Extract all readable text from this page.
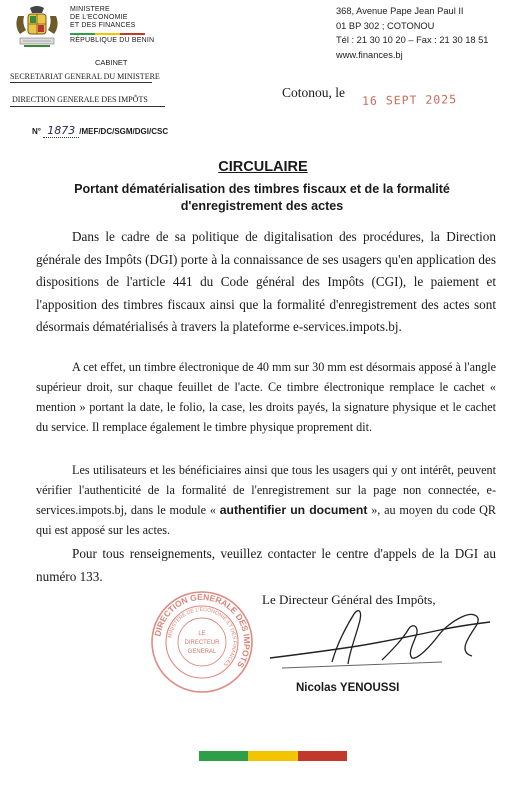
MINISTERE
DE L'ECONOMIE
ET DES FINANCES
RÉPUBLIQUE DU BENIN
CABINET
SECRETARIAT GENERAL DU MINISTERE
DIRECTION GENERALE DES IMPÔTS
N° 1873 /MEF/DC/SGM/DGI/CSC
368, Avenue Pape Jean Paul II
01 BP 302 ; COTONOU
Tél : 21 30 10 20 – Fax : 21 30 18 51
www.finances.bj
Cotonou, le 16 SEPT 2025
CIRCULAIRE
Portant dématérialisation des timbres fiscaux et de la formalité d'enregistrement des actes
Dans le cadre de sa politique de digitalisation des procédures, la Direction générale des Impôts (DGI) porte à la connaissance de ses usagers qu'en application des dispositions de l'article 441 du Code général des Impôts (CGI), le paiement et l'apposition des timbres fiscaux ainsi que la formalité d'enregistrement des actes sont désormais dématérialisés à travers la plateforme e-services.impots.bj.
A cet effet, un timbre électronique de 40 mm sur 30 mm est désormais apposé à l'angle supérieur droit, sur chaque feuillet de l'acte. Ce timbre électronique remplace le cachet « mention » portant la date, le folio, la case, les droits payés, la signature physique et le cachet du service. Il remplace également le timbre physique proprement dit.
Les utilisateurs et les bénéficiaires ainsi que tous les usagers qui y ont intérêt, peuvent vérifier l'authenticité de la formalité de l'enregistrement sur la page non connectée, e-services.impots.bj, dans le module « authentifier un document », au moyen du code QR qui est apposé sur les actes.
Pour tous renseignements, veuillez contacter le centre d'appels de la DGI au numéro 133.
DIRECTION GENERALE DES IMPOTS
MINISTERE DE L'ECONOMIE ET DES FINANCES
LE
DIRECTEUR
GENERAL
Le Directeur Général des Impôts,
Nicolas YENOUSSI
